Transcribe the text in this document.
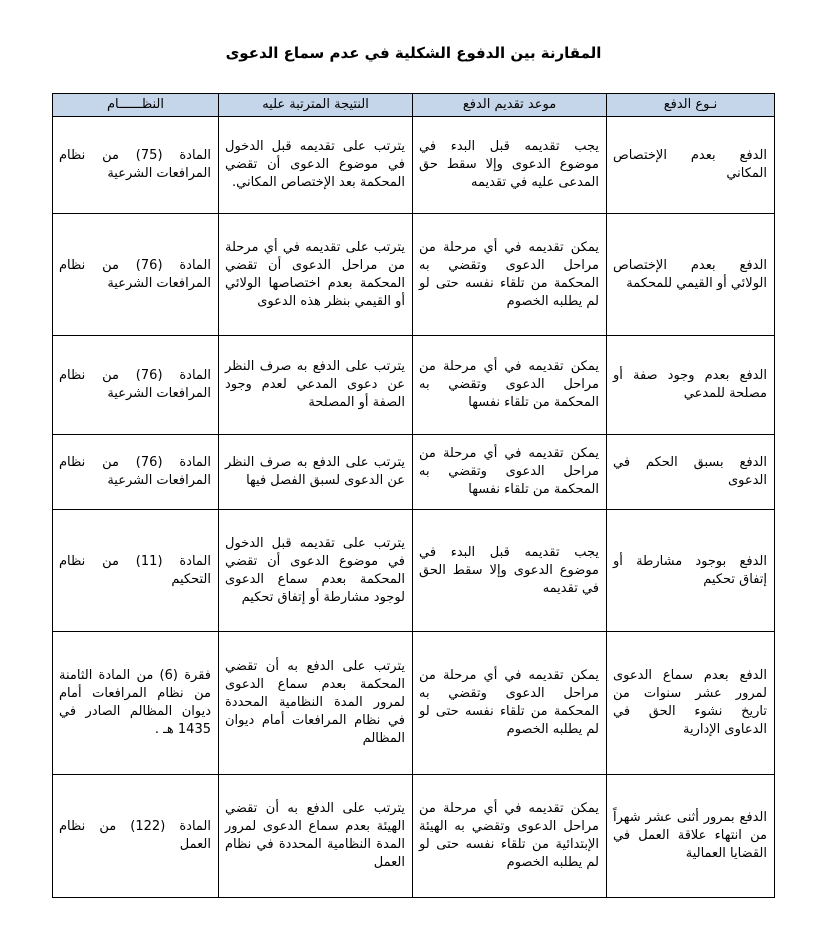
المقارنة بين الدفوع الشكلية في عدم سماع الدعوى
نـوع الدفع	موعد تقديم الدفع	النتيجة المترتبة عليه	النظــــــام
الدفع بعدم الإختصاص المكاني	يجب تقديمه قبل البدء في موضوع الدعوى وإلا سقط حق المدعى عليه في تقديمه	يترتب على تقديمه قبل الدخول في موضوع الدعوى أن تقضي المحكمة بعد الإختصاص المكاني.	المادة (75) من نظام المرافعات الشرعية
الدفع بعدم الإختصاص الولائي أو القيمي للمحكمة	يمكن تقديمه في أي مرحلة من مراحل الدعوى وتقضي به المحكمة من تلقاء نفسه حتى لو لم يطلبه الخصوم	يترتب على تقديمه في أي مرحلة من مراحل الدعوى أن تقضي المحكمة بعدم اختصاصها الولائي أو القيمي بنظر هذه الدعوى	المادة (76) من نظام المرافعات الشرعية
الدفع بعدم وجود صفة أو مصلحة للمدعي	يمكن تقديمه في أي مرحلة من مراحل الدعوى وتقضي به المحكمة من تلقاء نفسها	يترتب على الدفع به صرف النظر عن دعوى المدعي لعدم وجود الصفة أو المصلحة	المادة (76) من نظام المرافعات الشرعية
الدفع بسبق الحكم في الدعوى	يمكن تقديمه في أي مرحلة من مراحل الدعوى وتقضي به المحكمة من تلقاء نفسها	يترتب على الدفع به صرف النظر عن الدعوى لسبق الفصل فيها	المادة (76) من نظام المرافعات الشرعية
الدفع بوجود مشارطة أو إتفاق تحكيم	يجب تقديمه قبل البدء في موضوع الدعوى وإلا سقط الحق في تقديمه	يترتب على تقديمه قبل الدخول في موضوع الدعوى أن تقضي المحكمة بعدم سماع الدعوى لوجود مشارطة أو إتفاق تحكيم	المادة (11) من نظام التحكيم
الدفع بعدم سماع الدعوى لمرور عشر سنوات من تاريخ نشوء الحق في الدعاوى الإدارية	يمكن تقديمه في أي مرحلة من مراحل الدعوى وتقضي به المحكمة من تلقاء نفسه حتى لو لم يطلبه الخصوم	يترتب على الدفع به أن تقضي المحكمة بعدم سماع الدعوى لمرور المدة النظامية المحددة في نظام المرافعات أمام ديوان المظالم	فقرة (6) من المادة الثامنة من نظام المرافعات أمام ديوان المظالم الصادر في 1435 هـ .
الدفع بمرور أثنى عشر شهراً من انتهاء علاقة العمل في القضايا العمالية	يمكن تقديمه في أي مرحلة من مراحل الدعوى وتقضي به الهيئة الإبتدائية من تلقاء نفسه حتى لو لم يطلبه الخصوم	يترتب على الدفع به أن تقضي الهيئة بعدم سماع الدعوى لمرور المدة النظامية المحددة في نظام العمل	المادة (122) من نظام العمل
